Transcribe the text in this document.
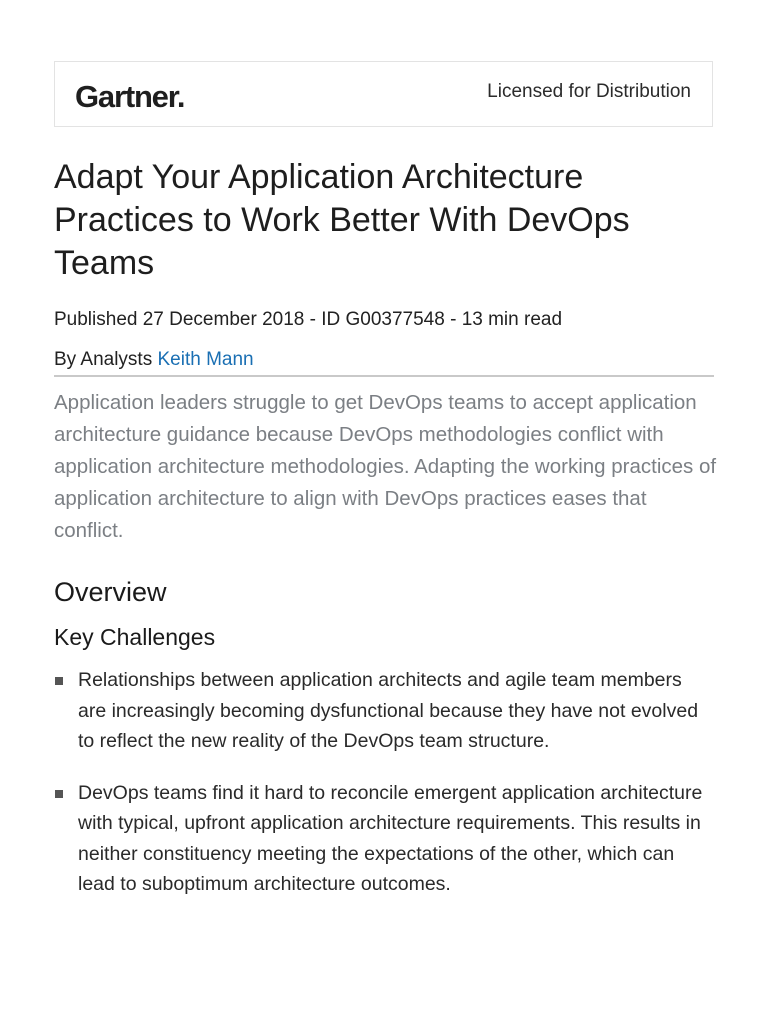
Gartner.	Licensed for Distribution
Adapt Your Application Architecture Practices to Work Better With DevOps Teams
Published 27 December 2018 - ID G00377548 - 13 min read
By Analysts Keith Mann

Application leaders struggle to get DevOps teams to accept application architecture guidance because DevOps methodologies conflict with application architecture methodologies. Adapting the working practices of application architecture to align with DevOps practices eases that conflict.

Overview
Key Challenges
Relationships between application architects and agile team members are increasingly becoming dysfunctional because they have not evolved to reflect the new reality of the DevOps team structure.
DevOps teams find it hard to reconcile emergent application architecture with typical, upfront application architecture requirements. This results in neither constituency meeting the expectations of the other, which can lead to suboptimum architecture outcomes.
